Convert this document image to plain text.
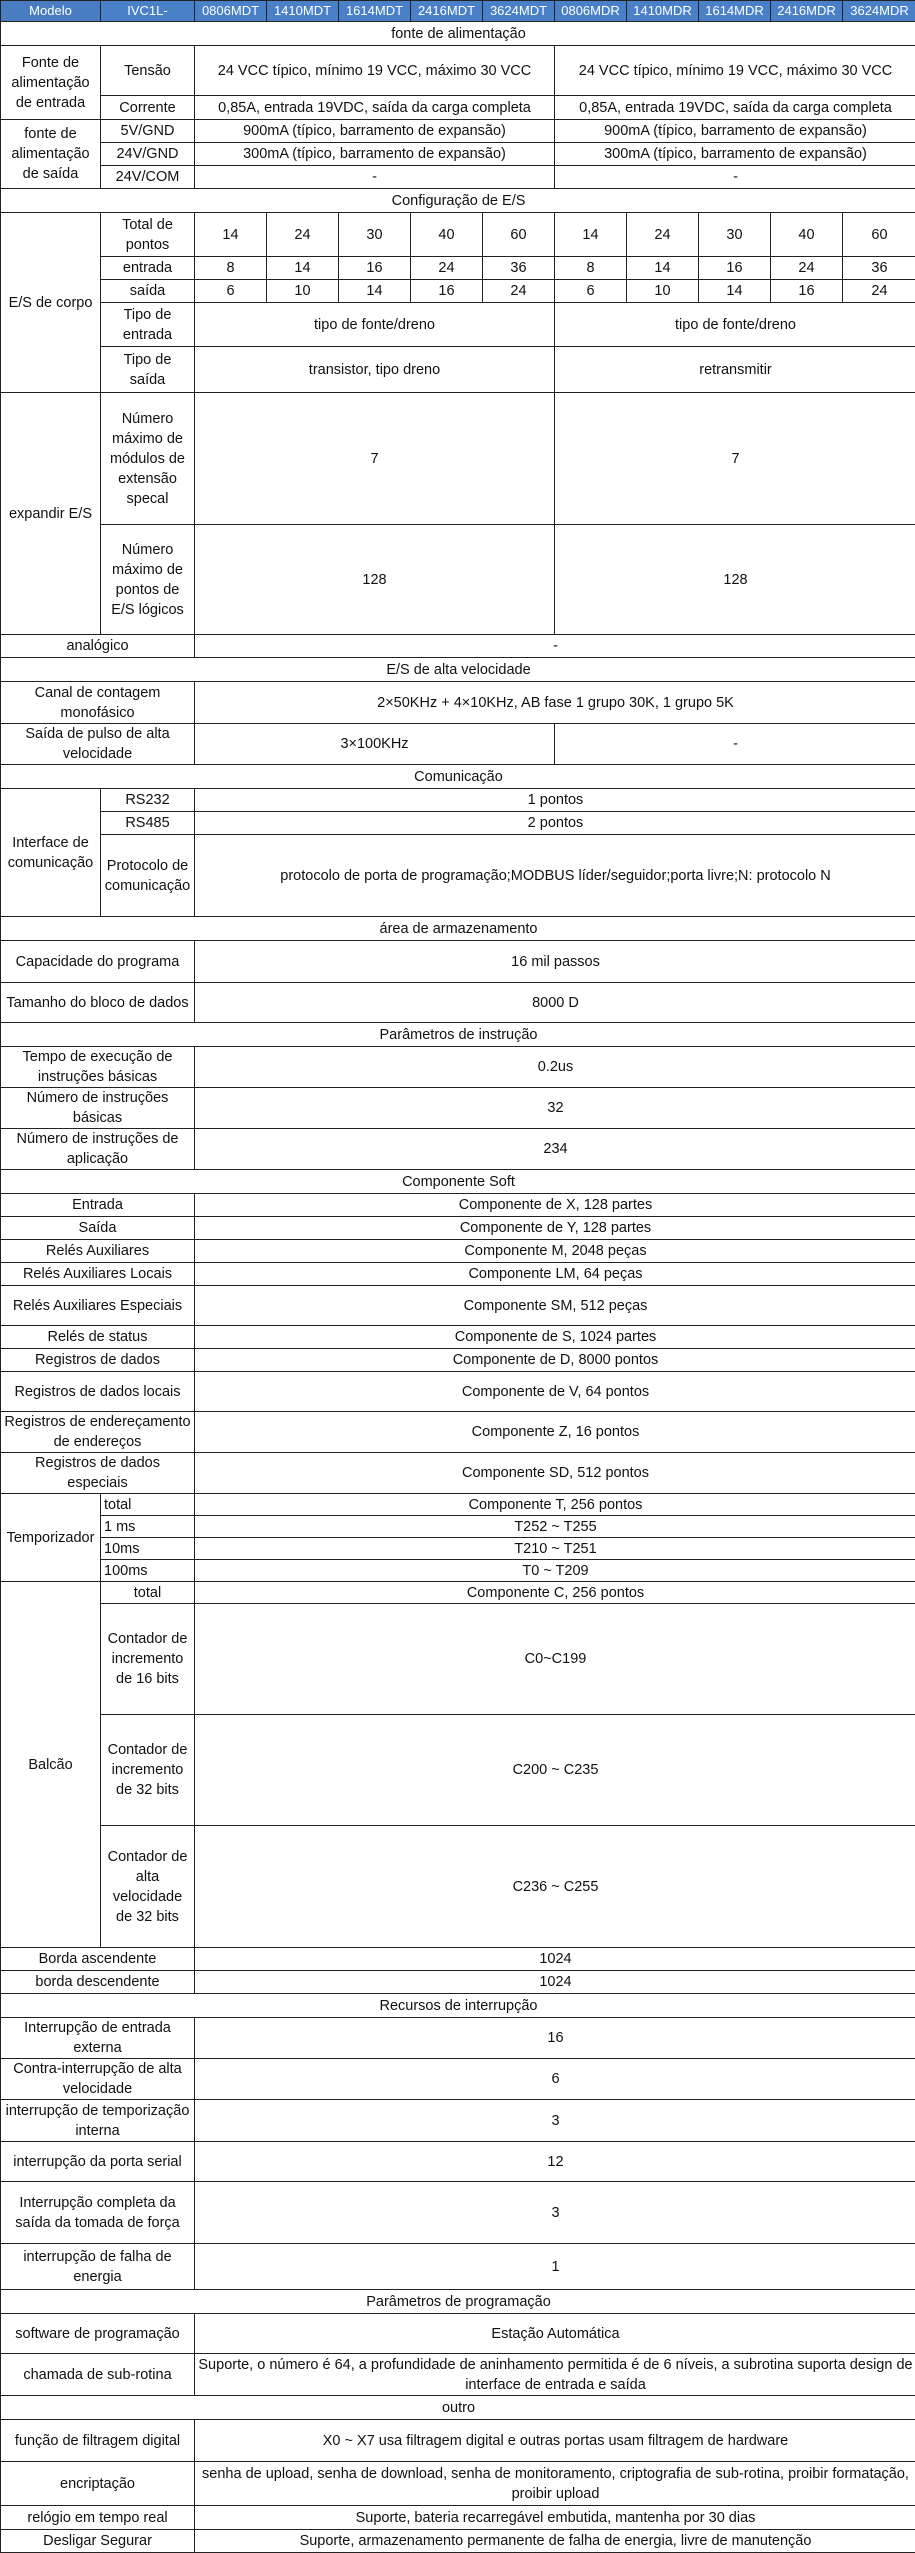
Modelo	IVC1L-	0806MDT	1410MDT	1614MDT	2416MDT	3624MDT	0806MDR	1410MDR	1614MDR	2416MDR	3624MDR
fonte de alimentação											
Fonte de alimentação de entrada	Tensão	24 VCC típico, mínimo 19 VCC, máximo 30 VCC					24 VCC típico, mínimo 19 VCC, máximo 30 VCC				
	Corrente	0,85A, entrada 19VDC, saída da carga completa					0,85A, entrada 19VDC, saída da carga completa				
fonte de alimentação de saída	5V/GND	900mA (típico, barramento de expansão)					900mA (típico, barramento de expansão)				
	24V/GND	300mA (típico, barramento de expansão)					300mA (típico, barramento de expansão)				
	24V/COM	-					-				
Configuração de E/S											
E/S de corpo	Total de pontos	14	24	30	40	60	14	24	30	40	60
	entrada	8	14	16	24	36	8	14	16	24	36
	saída	6	10	14	16	24	6	10	14	16	24
	Tipo de entrada	tipo de fonte/dreno					tipo de fonte/dreno				
	Tipo de saída	transistor, tipo dreno					retransmitir				
expandir E/S	Número máximo de módulos de extensão specal	7					7				
	Número máximo de pontos de E/S lógicos	128					128				
analógico		-									
E/S de alta velocidade											
Canal de contagem monofásico		2×50KHz + 4×10KHz, AB fase 1 grupo 30K, 1 grupo 5K									
Saída de pulso de alta velocidade		3×100KHz					-				
Comunicação											
Interface de comunicação	RS232	1 pontos									
	RS485	2 pontos									
	Protocolo de comunicação	protocolo de porta de programação;MODBUS líder/seguidor;porta livre;N: protocolo N									
área de armazenamento											
Capacidade do programa		16 mil passos									
Tamanho do bloco de dados		8000 D									
Parâmetros de instrução											
Tempo de execução de instruções básicas		0.2us									
Número de instruções básicas		32									
Número de instruções de aplicação		234									
Componente Soft											
Entrada		Componente de X, 128 partes									
Saída		Componente de Y, 128 partes									
Relés Auxiliares		Componente M, 2048 peças									
Relés Auxiliares Locais		Componente LM, 64 peças									
Relés Auxiliares Especiais		Componente SM, 512 peças									
Relés de status		Componente de S, 1024 partes									
Registros de dados		Componente de D, 8000 pontos									
Registros de dados locais		Componente de V, 64 pontos									
Registros de endereçamento de endereços		Componente Z, 16 pontos									
Registros de dados especiais		Componente SD, 512 pontos									
Temporizador	total	Componente T, 256 pontos									
	1 ms	T252 ~ T255									
	10ms	T210 ~ T251									
	100ms	T0 ~ T209									
Balcão	total	Componente C, 256 pontos									
	Contador de incremento de 16 bits	C0~C199									
	Contador de incremento de 32 bits	C200 ~ C235									
	Contador de alta velocidade de 32 bits	C236 ~ C255									
Borda ascendente		1024									
borda descendente		1024									
Recursos de interrupção											
Interrupção de entrada externa		16									
Contra-interrupção de alta velocidade		6									
interrupção de temporização interna		3									
interrupção da porta serial		12									
Interrupção completa da saída da tomada de força		3									
interrupção de falha de energia		1									
Parâmetros de programação											
software de programação		Estação Automática									
chamada de sub-rotina		Suporte, o número é 64, a profundidade de aninhamento permitida é de 6 níveis, a subrotina suporta design de interface de entrada e saída									
outro											
função de filtragem digital		X0 ~ X7 usa filtragem digital e outras portas usam filtragem de hardware									
encriptação		senha de upload, senha de download, senha de monitoramento, criptografia de sub-rotina, proibir formatação, proibir upload									
relógio em tempo real		Suporte, bateria recarregável embutida, mantenha por 30 dias									
Desligar Segurar		Suporte, armazenamento permanente de falha de energia, livre de manutenção									
